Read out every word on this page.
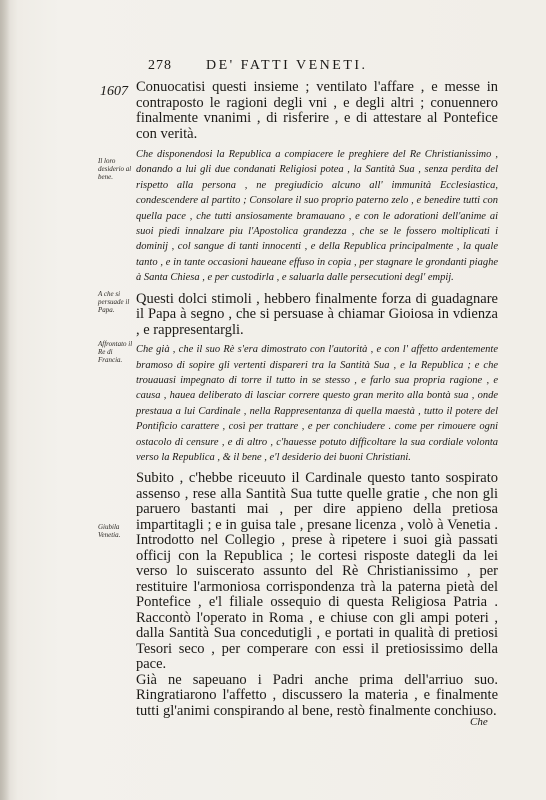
278 DE' FATTI VENETI.
1607
Il loro desiderio al bene.
A che si persuade il Papa.
Affrontato il Re di Francia.
Giubila Venetia.

Conuocatisi questi insieme ; ventilato l'affare , e messe in contraposto le ragioni degli vni , e degli altri ; conuennero finalmente vnanimi , di risferire , e di attestare al Pontefice con verità.

Che disponendosi la Republica a compiacere le preghiere del Re Christianissimo , donando a lui gli due condanati Religiosi potea , la Santità Sua , senza perdita del rispetto alla persona , ne pregiudicio alcuno all' immunità Ecclesiastica, condescendere al partito ; Consolare il suo proprio paterno zelo , e benedire tutti con quella pace , che tutti ansiosamente bramauano , e con le adorationi dell'anime ai suoi piedi innalzare piu l'Apostolica grandezza , che se le fossero moltiplicati i dominij , col sangue di tanti innocenti , e della Republica principalmente , la quale tanto , e in tante occasioni haueane effuso in copia , per stagnare le grondanti piaghe à Santa Chiesa , e per custodirla , e saluarla dalle persecutioni degl' empij.

Questi dolci stimoli , hebbero finalmente forza di guadagnare il Papa à segno , che si persuase à chiamar Gioiosa in vdienza , e rappresentargli.

Che già , che il suo Rè s'era dimostrato con l'autorità , e con l' affetto ardentemente bramoso di sopire gli vertenti dispareri tra la Santità Sua , e la Republica ; e che trouauasi impegnato di torre il tutto in se stesso , e farlo sua propria ragione , e causa , hauea deliberato di lasciar correre questo gran merito alla bontà sua , onde prestaua a lui Cardinale , nella Rappresentanza di quella maestà , tutto il potere del Pontificio carattere , così per trattare , e per conchiudere . come per rimouere ogni ostacolo di censure , e di altro , c'hauesse potuto difficoltare la sua cordiale volonta verso la Republica , & il bene , e'l desiderio dei buoni Christiani.

Subito , c'hebbe riceuuto il Cardinale questo tanto sospirato assenso , rese alla Santità Sua tutte quelle gratie , che non gli paruero bastanti mai , per dire appieno della pretiosa impartitagli ; e in guisa tale , presane licenza , volò à Venetia . Introdotto nel Collegio , prese à ripetere i suoi già passati officij con la Republica ; le cortesi risposte dategli da lei verso lo suiscerato assunto del Rè Christianissimo , per restituire l'armoniosa corrispondenza trà la paterna pietà del Pontefice , e'l filiale ossequio di questa Religiosa Patria . Raccontò l'operato in Roma , e chiuse con gli ampi poteri , dalla Santità Sua concedutigli , e portati in qualità di pretiosi Tesori seco , per comperare con essi il pretiosissimo della pace.

Già ne sapeuano i Padri anche prima dell'arriuo suo. Ringratiarono l'affetto , discussero la materia , e finalmente tutti gl'animi conspirando al bene, restò finalmente conchiuso.

Che
